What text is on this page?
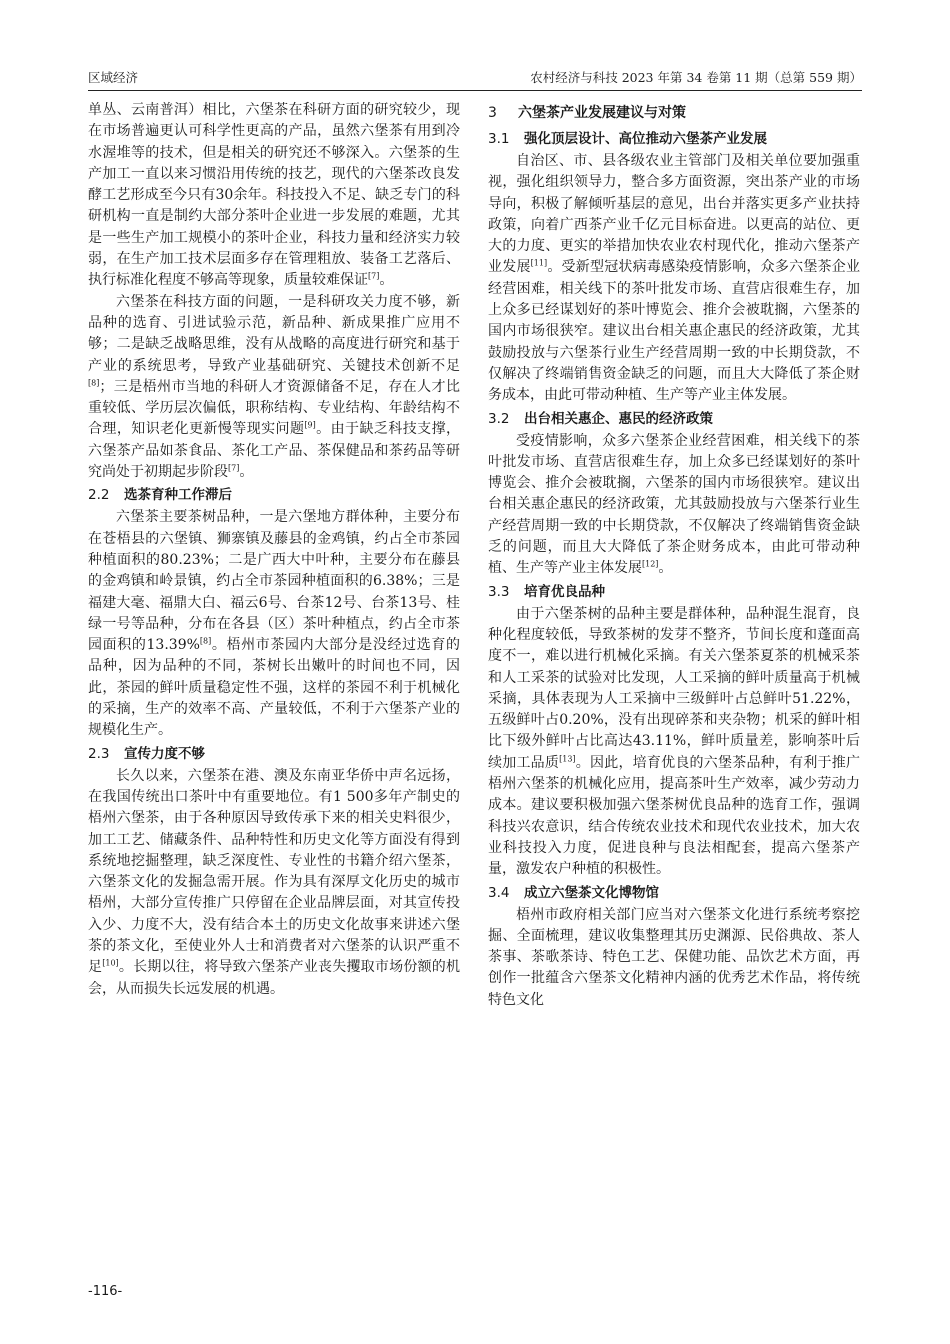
区域经济	农村经济与科技 2023 年第 34 卷第 11 期（总第 559 期）

单丛、云南普洱）相比，六堡茶在科研方面的研究较少，现在市场普遍更认可科学性更高的产品，虽然六堡茶有用到冷水渥堆等的技术，但是相关的研究还不够深入。六堡茶的生产加工一直以来习惯沿用传统的技艺，现代的六堡茶改良发酵工艺形成至今只有30余年。科技投入不足、缺乏专门的科研机构一直是制约大部分茶叶企业进一步发展的难题，尤其是一些生产加工规模小的茶叶企业，科技力量和经济实力较弱，在生产加工技术层面多存在管理粗放、装备工艺落后、执行标准化程度不够高等现象，质量较难保证[7]。

六堡茶在科技方面的问题，一是科研攻关力度不够，新品种的选育、引进试验示范，新品种、新成果推广应用不够；二是缺乏战略思维，没有从战略的高度进行研究和基于产业的系统思考，导致产业基础研究、关键技术创新不足[8]；三是梧州市当地的科研人才资源储备不足，存在人才比重较低、学历层次偏低，职称结构、专业结构、年龄结构不合理，知识老化更新慢等现实问题[9]。由于缺乏科技支撑，六堡茶产品如茶食品、茶化工产品、茶保健品和茶药品等研究尚处于初期起步阶段[7]。

2.2 选茶育种工作滞后

六堡茶主要茶树品种，一是六堡地方群体种，主要分布在苍梧县的六堡镇、狮寨镇及藤县的金鸡镇，约占全市茶园种植面积的80.23%；二是广西大中叶种，主要分布在藤县的金鸡镇和岭景镇，约占全市茶园种植面积的6.38%；三是福建大毫、福鼎大白、福云6号、台茶12号、台茶13号、桂绿一号等品种，分布在各县（区）茶叶种植点，约占全市茶园面积的13.39%[8]。梧州市茶园内大部分是没经过选育的品种，因为品种的不同，茶树长出嫩叶的时间也不同，因此，茶园的鲜叶质量稳定性不强，这样的茶园不利于机械化的采摘，生产的效率不高、产量较低，不利于六堡茶产业的规模化生产。

2.3 宣传力度不够

长久以来，六堡茶在港、澳及东南亚华侨中声名远扬，在我国传统出口茶叶中有重要地位。有1 500多年产制史的梧州六堡茶，由于各种原因导致传承下来的相关史料很少，加工工艺、储藏条件、品种特性和历史文化等方面没有得到系统地挖掘整理，缺乏深度性、专业性的书籍介绍六堡茶，六堡茶文化的发掘急需开展。作为具有深厚文化历史的城市梧州，大部分宣传推广只停留在企业品牌层面，对其宣传投入少、力度不大，没有结合本土的历史文化故事来讲述六堡茶的茶文化，至使业外人士和消费者对六堡茶的认识严重不足[10]。长期以往，将导致六堡茶产业丧失攫取市场份额的机会，从而损失长远发展的机遇。

3 六堡茶产业发展建议与对策
3.1 强化顶层设计、高位推动六堡茶产业发展

自治区、市、县各级农业主管部门及相关单位要加强重视，强化组织领导力，整合多方面资源，突出茶产业的市场导向，积极了解倾听基层的意见，出台并落实更多产业扶持政策，向着广西茶产业千亿元目标奋进。以更高的站位、更大的力度、更实的举措加快农业农村现代化，推动六堡茶产业发展[11]。受新型冠状病毒感染疫情影响，众多六堡茶企业经营困难，相关线下的茶叶批发市场、直营店很难生存，加上众多已经谋划好的茶叶博览会、推介会被耽搁，六堡茶的国内市场很狭窄。建议出台相关惠企惠民的经济政策，尤其鼓励投放与六堡茶行业生产经营周期一致的中长期贷款，不仅解决了终端销售资金缺乏的问题，而且大大降低了茶企财务成本，由此可带动种植、生产等产业主体发展。

3.2 出台相关惠企、惠民的经济政策

受疫情影响，众多六堡茶企业经营困难，相关线下的茶叶批发市场、直营店很难生存，加上众多已经谋划好的茶叶博览会、推介会被耽搁，六堡茶的国内市场很狭窄。建议出台相关惠企惠民的经济政策，尤其鼓励投放与六堡茶行业生产经营周期一致的中长期贷款，不仅解决了终端销售资金缺乏的问题，而且大大降低了茶企财务成本，由此可带动种植、生产等产业主体发展[12]。

3.3 培育优良品种

由于六堡茶树的品种主要是群体种，品种混生混育，良种化程度较低，导致茶树的发芽不整齐，节间长度和蓬面高度不一，难以进行机械化采摘。有关六堡茶夏茶的机械采茶和人工采茶的试验对比发现，人工采摘的鲜叶质量高于机械采摘，具体表现为人工采摘中三级鲜叶占总鲜叶51.22%，五级鲜叶占0.20%，没有出现碎茶和夹杂物；机采的鲜叶相比下级外鲜叶占比高达43.11%，鲜叶质量差，影响茶叶后续加工品质[13]。因此，培育优良的六堡茶品种，有利于推广梧州六堡茶的机械化应用，提高茶叶生产效率，减少劳动力成本。建议要积极加强六堡茶树优良品种的选育工作，强调科技兴农意识，结合传统农业技术和现代农业技术，加大农业科技投入力度，促进良种与良法相配套，提高六堡茶产量，激发农户种植的积极性。

3.4 成立六堡茶文化博物馆

梧州市政府相关部门应当对六堡茶文化进行系统考察挖掘、全面梳理，建议收集整理其历史渊源、民俗典故、茶人茶事、茶歌茶诗、特色工艺、保健功能、品饮艺术方面，再创作一批蕴含六堡茶文化精神内涵的优秀艺术作品，将传统特色文化

-116-
